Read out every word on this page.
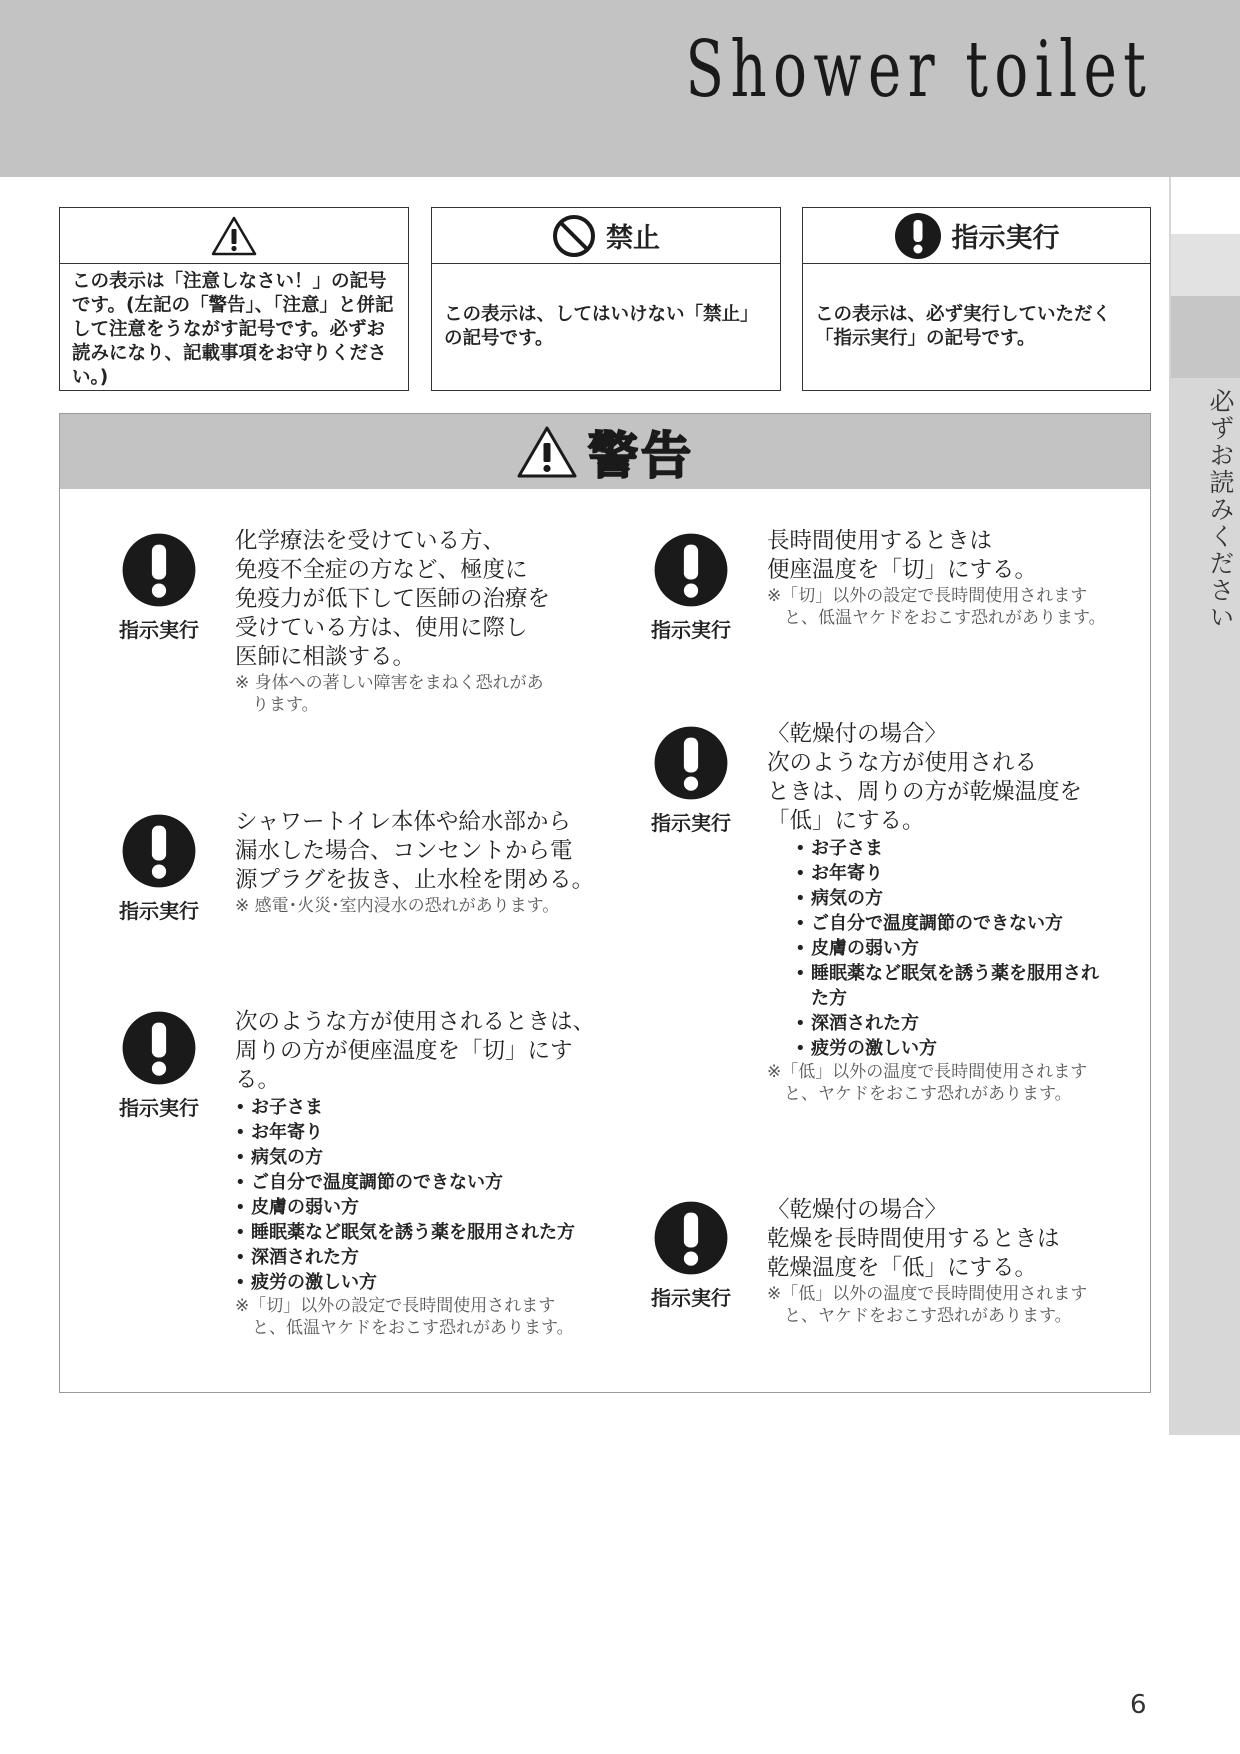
Shower toilet
必ずお読みください
この表示は「注意しなさい！」の記号です。(左記の「警告」、「注意」と併記して注意をうながす記号です。必ずお読みになり、記載事項をお守りください。)
禁止
この表示は、してはいけない「禁止」の記号です。
指示実行
この表示は、必ず実行していただく「指示実行」の記号です。
警告
指示実行
化学療法を受けている方、
免疫不全症の方など、極度に
免疫力が低下して医師の治療を
受けている方は、使用に際し
医師に相談する。
※ 身体への著しい障害をまねく恐れがあ
　ります。
指示実行
シャワートイレ本体や給水部から
漏水した場合、コンセントから電
源プラグを抜き、止水栓を閉める。
※ 感電･火災･室内浸水の恐れがあります。
指示実行
次のような方が使用されるときは、
周りの方が便座温度を「切」にする。
• お子さま
• お年寄り
• 病気の方
• ご自分で温度調節のできない方
• 皮膚の弱い方
• 睡眠薬など眠気を誘う薬を服用された方
• 深酒された方
• 疲労の激しい方
※「切」以外の設定で長時間使用されます
　と、低温ヤケドをおこす恐れがあります。
指示実行
長時間使用するときは
便座温度を「切」にする。
※「切」以外の設定で長時間使用されます
　と、低温ヤケドをおこす恐れがあります。
指示実行
〈乾燥付の場合〉
次のような方が使用される
ときは、周りの方が乾燥温度を
「低」にする。
• お子さま
• お年寄り
• 病気の方
• ご自分で温度調節のできない方
• 皮膚の弱い方
• 睡眠薬など眠気を誘う薬を服用され
た方
• 深酒された方
• 疲労の激しい方
※「低」以外の温度で長時間使用されます
　と、ヤケドをおこす恐れがあります。
指示実行
〈乾燥付の場合〉
乾燥を長時間使用するときは
乾燥温度を「低」にする。
※「低」以外の温度で長時間使用されます
　と、ヤケドをおこす恐れがあります。
6
